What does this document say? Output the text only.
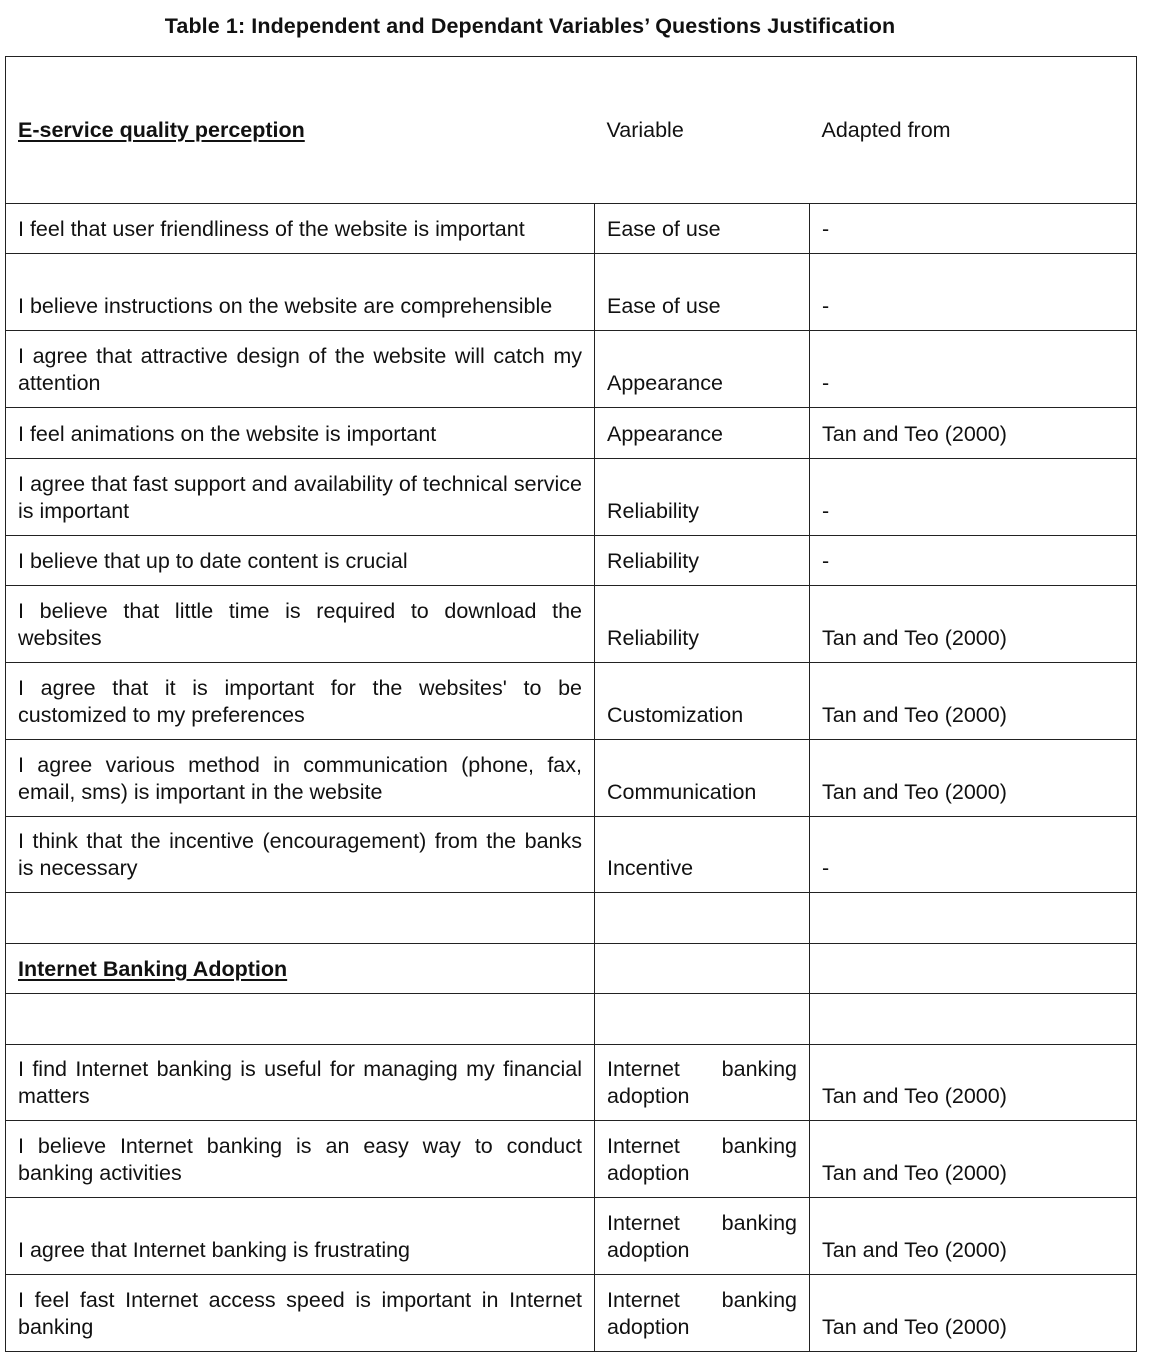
Table 1: Independent and Dependant Variables’ Questions Justification
E-service quality perception	Variable	Adapted from
I feel that user friendliness of the website is important	Ease of use	-
I believe instructions on the website are comprehensible	Ease of use	-
I agree that attractive design of the website will catch my attention	Appearance	-
I feel animations on the website is important	Appearance	Tan and Teo (2000)
I agree that fast support and availability of technical service is important	Reliability	-
I believe that up to date content is crucial	Reliability	-
I believe that little time is required to download the websites	Reliability	Tan and Teo (2000)
I agree that it is important for the websites' to be customized to my preferences	Customization	Tan and Teo (2000)
I agree various method in communication (phone, fax, email, sms) is important in the website	Communication	Tan and Teo (2000)
I think that the incentive (encouragement) from the banks is necessary	Incentive	-

Internet Banking Adoption		

I find Internet banking is useful for managing my financial matters	Internet banking adoption	Tan and Teo (2000)
I believe Internet banking is an easy way to conduct banking activities	Internet banking adoption	Tan and Teo (2000)
I agree that Internet banking is frustrating	Internet banking adoption	Tan and Teo (2000)
I feel fast Internet access speed is important in Internet banking	Internet banking adoption	Tan and Teo (2000)
